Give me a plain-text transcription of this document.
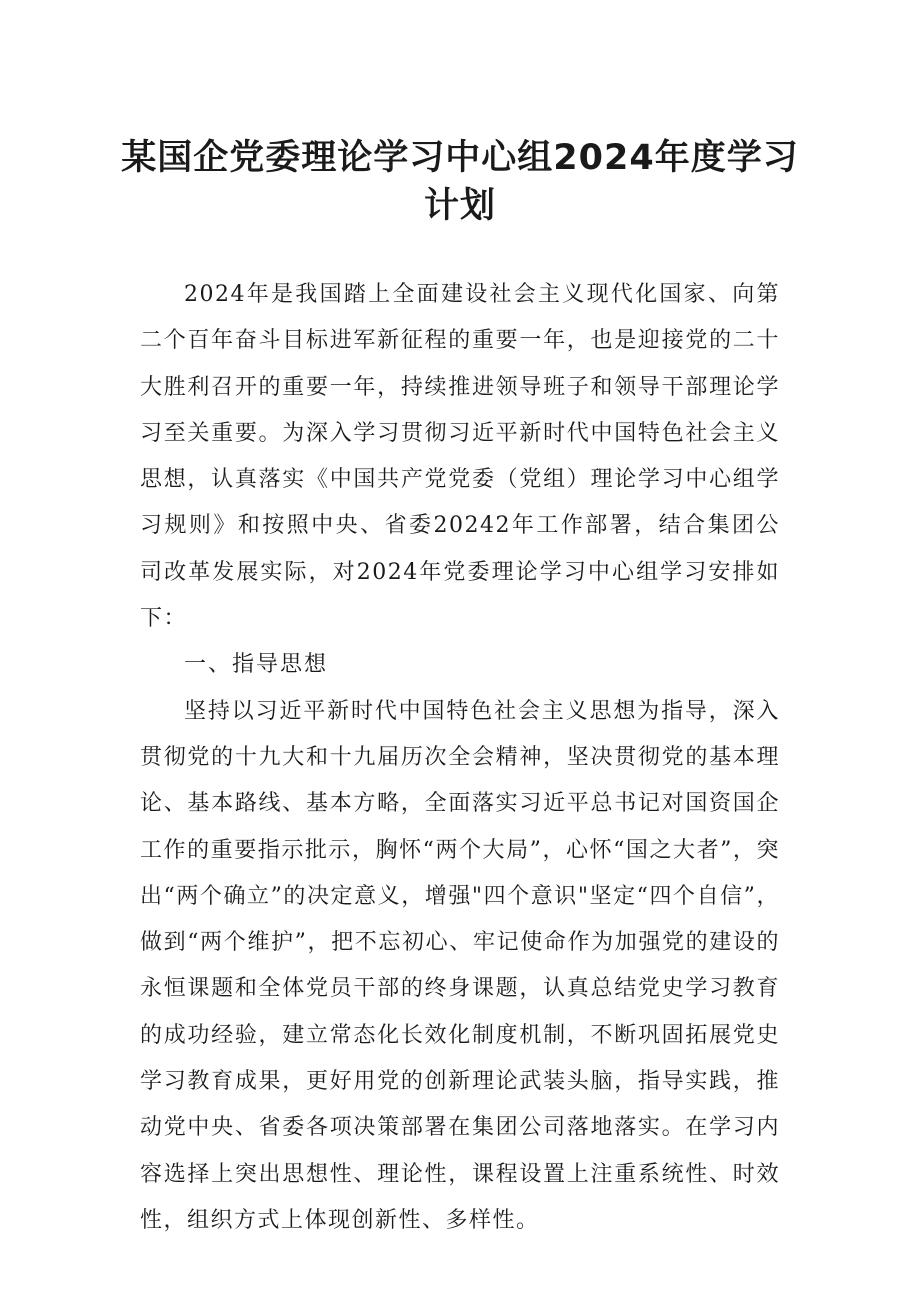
某国企党委理论学习中心组2024年度学习
计划

2024年是我国踏上全面建设社会主义现代化国家、向第二个百年奋斗目标进军新征程的重要一年，也是迎接党的二十大胜利召开的重要一年，持续推进领导班子和领导干部理论学习至关重要。为深入学习贯彻习近平新时代中国特色社会主义思想，认真落实《中国共产党党委（党组）理论学习中心组学习规则》和按照中央、省委20242年工作部署，结合集团公司改革发展实际，对2024年党委理论学习中心组学习安排如下：

一、指导思想

坚持以习近平新时代中国特色社会主义思想为指导，深入贯彻党的十九大和十九届历次全会精神，坚决贯彻党的基本理论、基本路线、基本方略，全面落实习近平总书记对国资国企工作的重要指示批示，胸怀“两个大局”，心怀“国之大者”，突出“两个确立”的决定意义，增强"四个意识"坚定“四个自信”，做到“两个维护”，把不忘初心、牢记使命作为加强党的建设的永恒课题和全体党员干部的终身课题，认真总结党史学习教育的成功经验，建立常态化长效化制度机制，不断巩固拓展党史学习教育成果，更好用党的创新理论武装头脑，指导实践，推动党中央、省委各项决策部署在集团公司落地落实。在学习内容选择上突出思想性、理论性，课程设置上注重系统性、时效性，组织方式上体现创新性、多样性。
